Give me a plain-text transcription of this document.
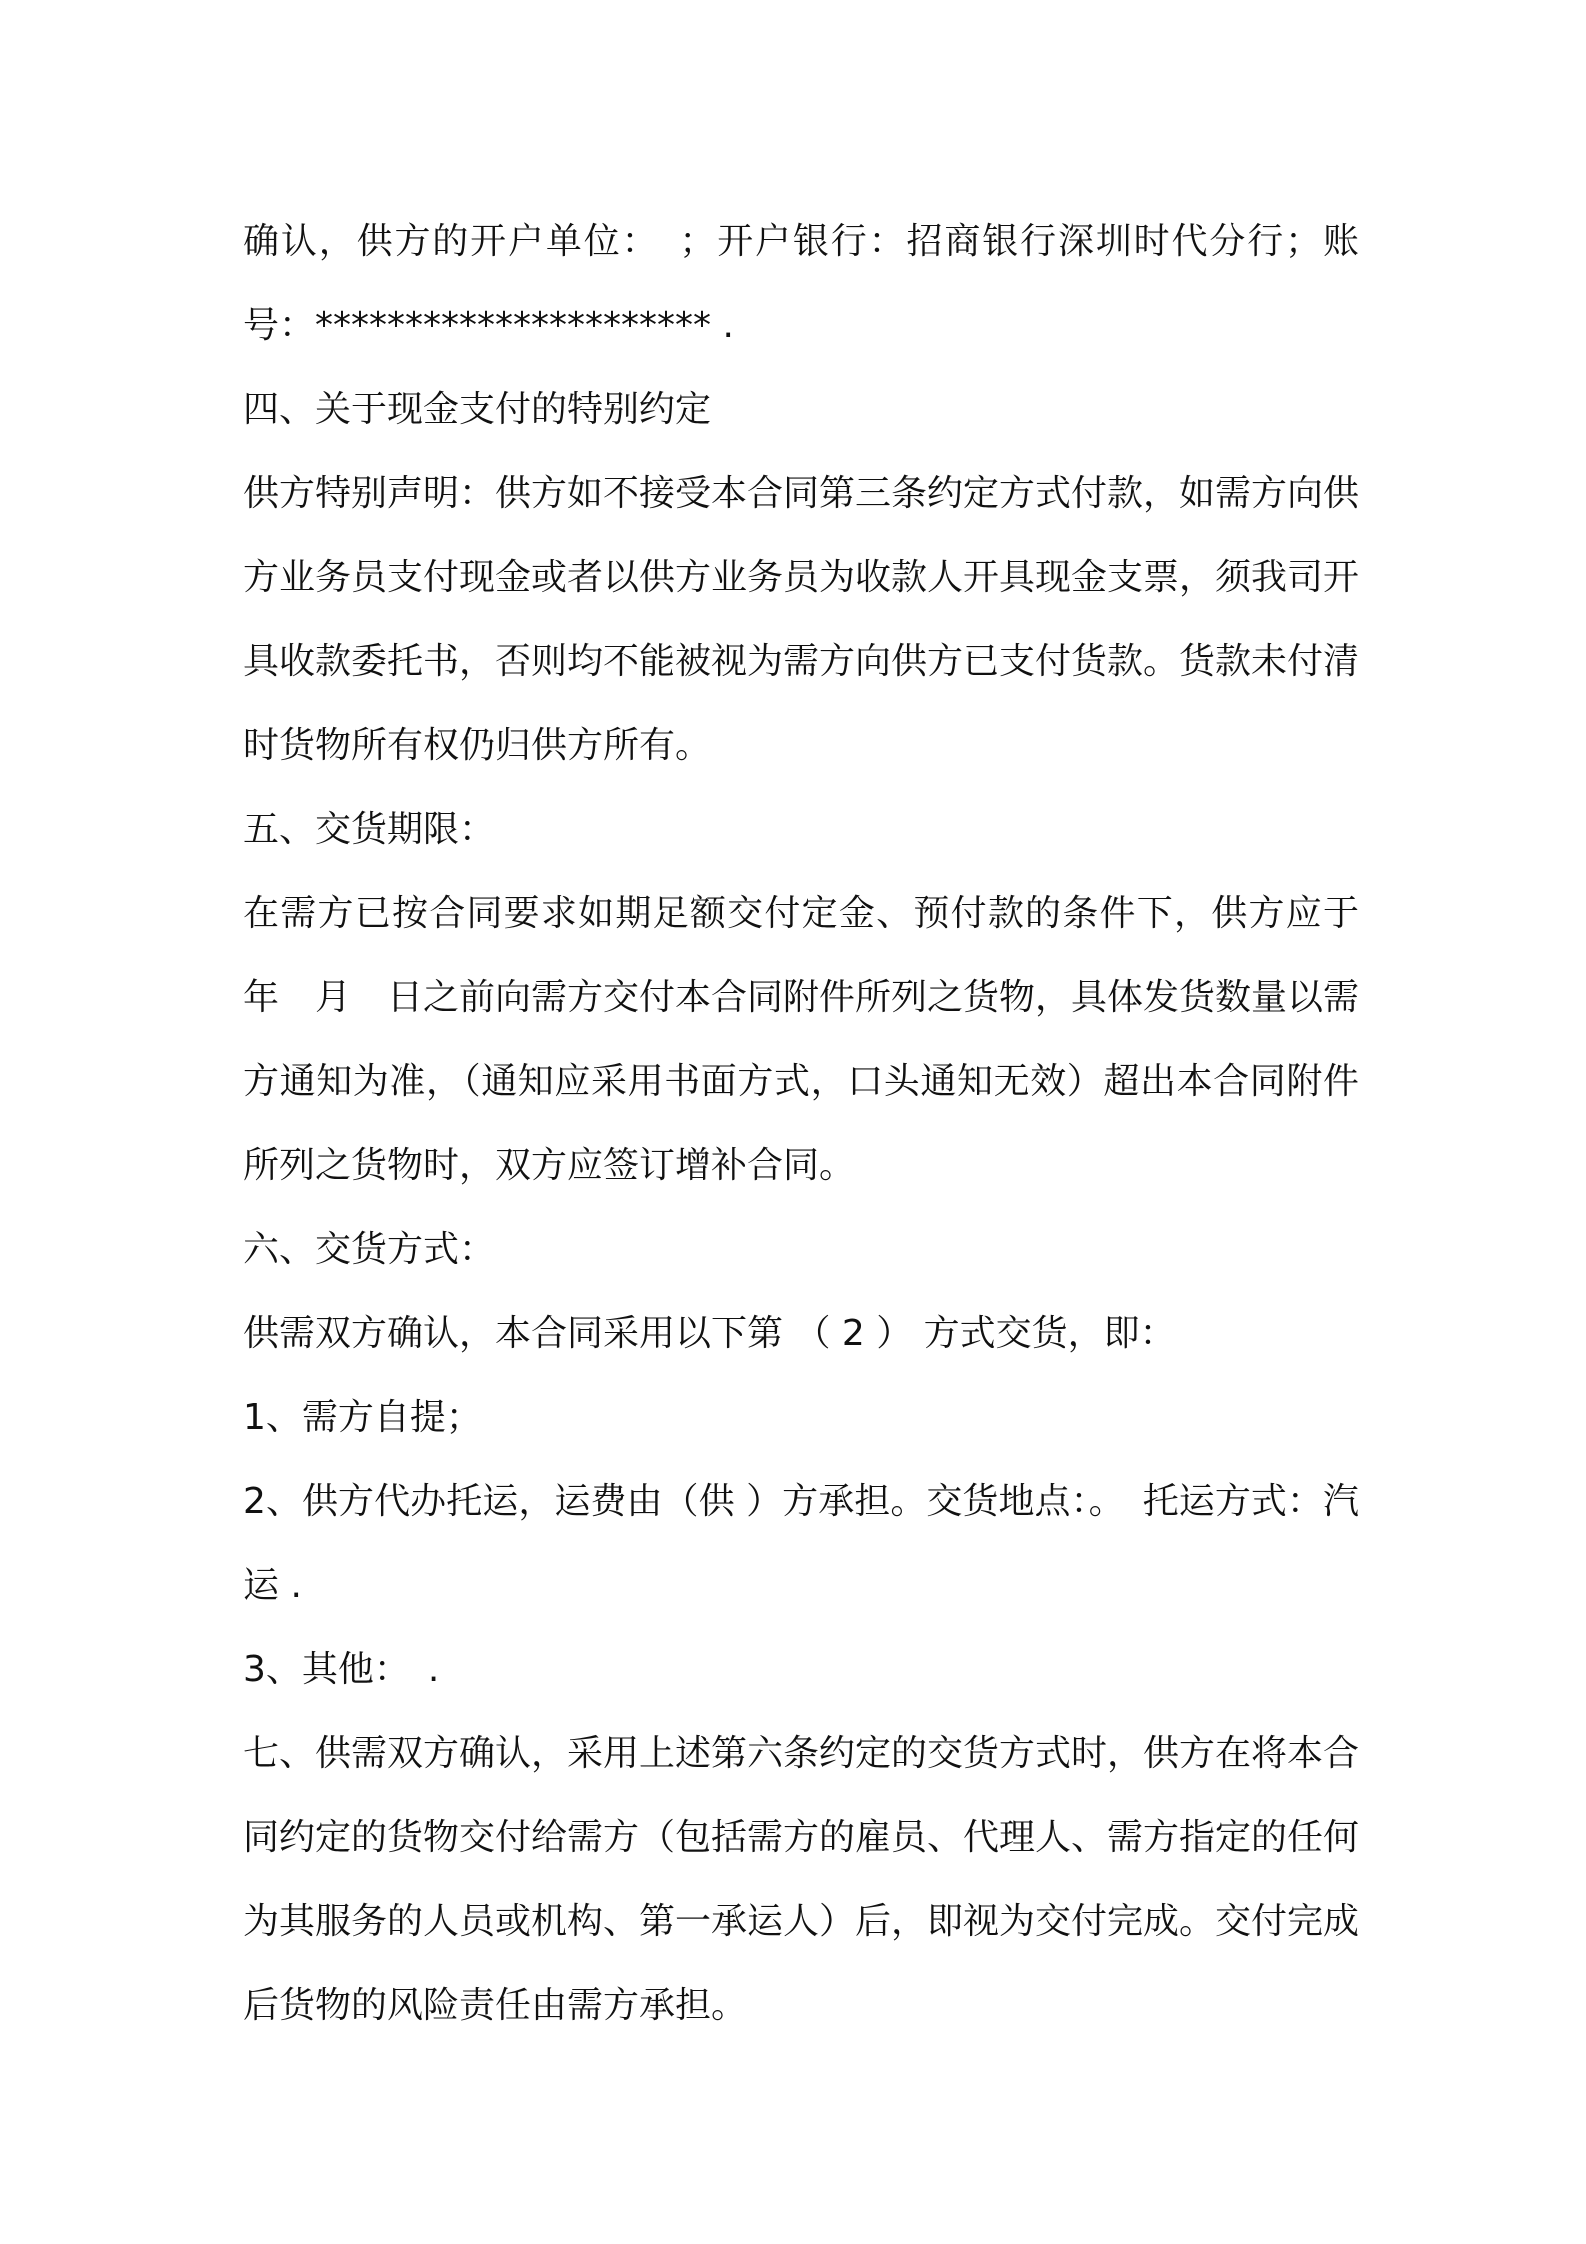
确认，供方的开户单位：　；开户银行：招商银行深圳时代分行；账号：********************** .

四、关于现金支付的特别约定

供方特别声明：供方如不接受本合同第三条约定方式付款，如需方向供方业务员支付现金或者以供方业务员为收款人开具现金支票，须我司开具收款委托书，否则均不能被视为需方向供方已支付货款。货款未付清时货物所有权仍归供方所有。

五、交货期限：

在需方已按合同要求如期足额交付定金、预付款的条件下，供方应于　年　月　日之前向需方交付本合同附件所列之货物，具体发货数量以需方通知为准，（通知应采用书面方式，口头通知无效）超出本合同附件所列之货物时，双方应签订增补合同。

六、交货方式：

供需双方确认，本合同采用以下第 （ 2 ） 方式交货，即：

1、需方自提；

2、供方代办托运，运费由（供 ）方承担。交货地点：。　托运方式：汽运 .

3、其他：　.

七、供需双方确认，采用上述第六条约定的交货方式时，供方在将本合同约定的货物交付给需方（包括需方的雇员、代理人、需方指定的任何为其服务的人员或机构、第一承运人）后，即视为交付完成。交付完成后货物的风险责任由需方承担。
